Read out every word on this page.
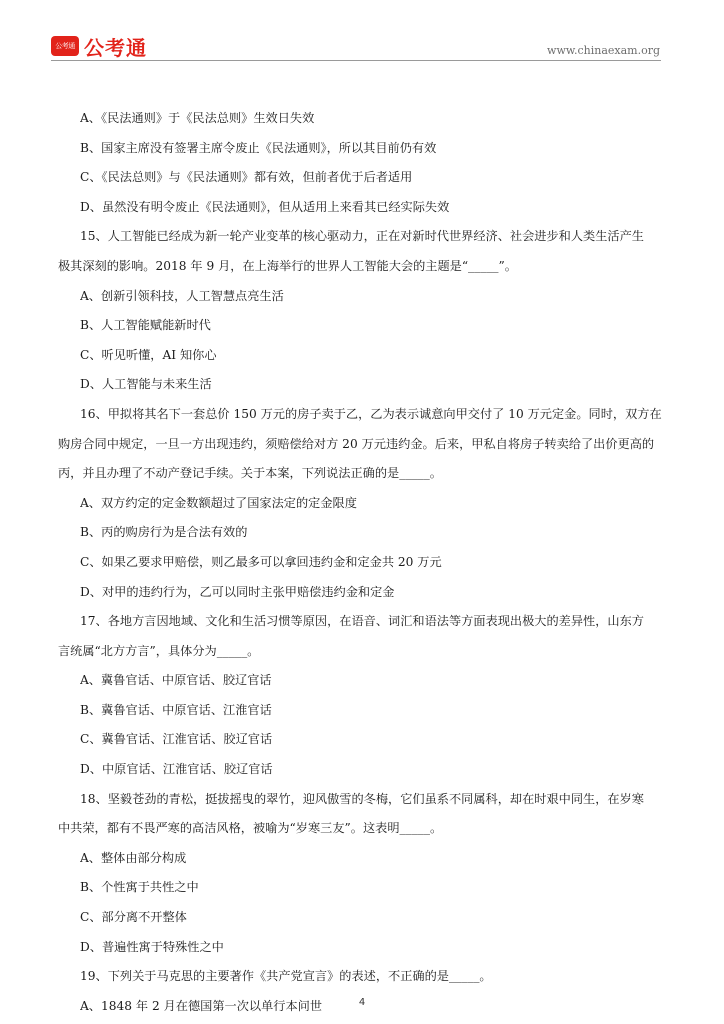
公考通 公考通	www.chinaexam.org
A、《民法通则》于《民法总则》生效日失效
B、国家主席没有签署主席令废止《民法通则》，所以其目前仍有效
C、《民法总则》与《民法通则》都有效，但前者优于后者适用
D、虽然没有明令废止《民法通则》，但从适用上来看其已经实际失效
15、人工智能已经成为新一轮产业变革的核心驱动力，正在对新时代世界经济、社会进步和人类生活产生
极其深刻的影响。2018 年 9 月，在上海举行的世界人工智能大会的主题是“_____”。
A、创新引领科技，人工智慧点亮生活
B、人工智能赋能新时代
C、听见听懂，AI 知你心
D、人工智能与未来生活
16、甲拟将其名下一套总价 150 万元的房子卖于乙，乙为表示诚意向甲交付了 10 万元定金。同时，双方在
购房合同中规定，一旦一方出现违约，须赔偿给对方 20 万元违约金。后来，甲私自将房子转卖给了出价更高的
丙，并且办理了不动产登记手续。关于本案，下列说法正确的是_____。
A、双方约定的定金数额超过了国家法定的定金限度
B、丙的购房行为是合法有效的
C、如果乙要求甲赔偿，则乙最多可以拿回违约金和定金共 20 万元
D、对甲的违约行为，乙可以同时主张甲赔偿违约金和定金
17、各地方言因地域、文化和生活习惯等原因，在语音、词汇和语法等方面表现出极大的差异性，山东方
言统属“北方方言”，具体分为_____。
A、冀鲁官话、中原官话、胶辽官话
B、冀鲁官话、中原官话、江淮官话
C、冀鲁官话、江淮官话、胶辽官话
D、中原官话、江淮官话、胶辽官话
18、坚毅苍劲的青松，挺拔摇曳的翠竹，迎风傲雪的冬梅，它们虽系不同属科，却在时艰中同生，在岁寒
中共荣，都有不畏严寒的高洁风格，被喻为“岁寒三友”。这表明_____。
A、整体由部分构成
B、个性寓于共性之中
C、部分离不开整体
D、普遍性寓于特殊性之中
19、下列关于马克思的主要著作《共产党宣言》的表述，不正确的是_____。
A、1848 年 2 月在德国第一次以单行本问世	4
